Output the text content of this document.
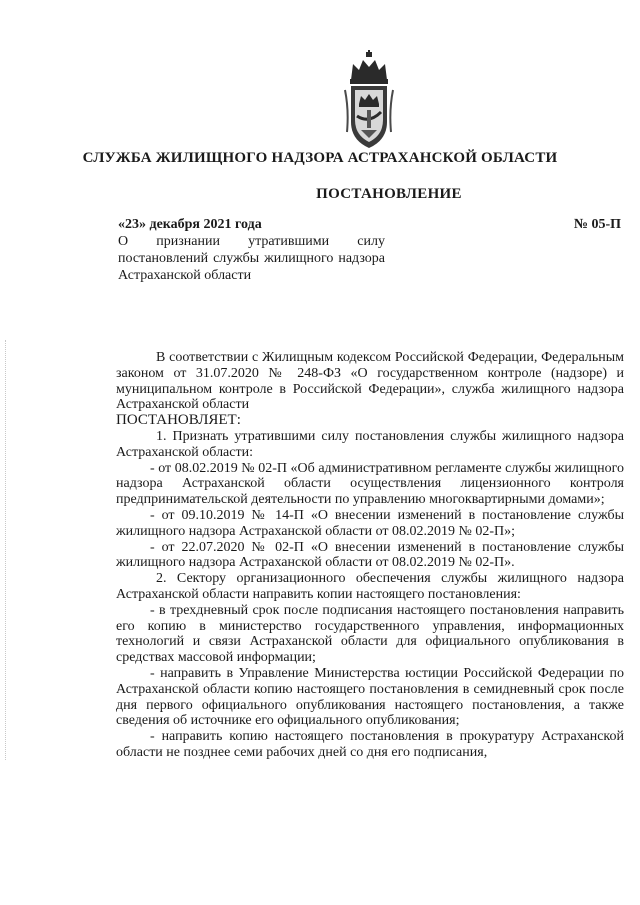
СЛУЖБА ЖИЛИЩНОГО НАДЗОРА АСТРАХАНСКОЙ ОБЛАСТИ
ПОСТАНОВЛЕНИЕ
«23» декабря 2021 года	№ 05-П
О признании утратившими силу постановлений службы жилищного надзора Астраханской области

В соответствии с Жилищным кодексом Российской Федерации, Федеральным законом от 31.07.2020 № 248-ФЗ «О государственном контроле (надзоре) и муниципальном контроле в Российской Федерации», служба жилищного надзора Астраханской области

ПОСТАНОВЛЯЕТ:

1. Признать утратившими силу постановления службы жилищного надзора Астраханской области:

- от 08.02.2019 № 02-П «Об административном регламенте службы жилищного надзора Астраханской области осуществления лицензионного контроля предпринимательской деятельности по управлению многоквартирными домами»;

- от 09.10.2019 № 14-П «О внесении изменений в постановление службы жилищного надзора Астраханской области от 08.02.2019 № 02-П»;

- от 22.07.2020 № 02-П «О внесении изменений в постановление службы жилищного надзора Астраханской области от 08.02.2019 № 02-П».

2. Сектору организационного обеспечения службы жилищного надзора Астраханской области направить копии настоящего постановления:

- в трехдневный срок после подписания настоящего постановления направить его копию в министерство государственного управления, информационных технологий и связи Астраханской области для официального опубликования в средствах массовой информации;

- направить в Управление Министерства юстиции Российской Федерации по Астраханской области копию настоящего постановления в семидневный срок после дня первого официального опубликования настоящего постановления, а также сведения об источнике его официального опубликования;

- направить копию настоящего постановления в прокуратуру Астраханской области не позднее семи рабочих дней со дня его подписания,
